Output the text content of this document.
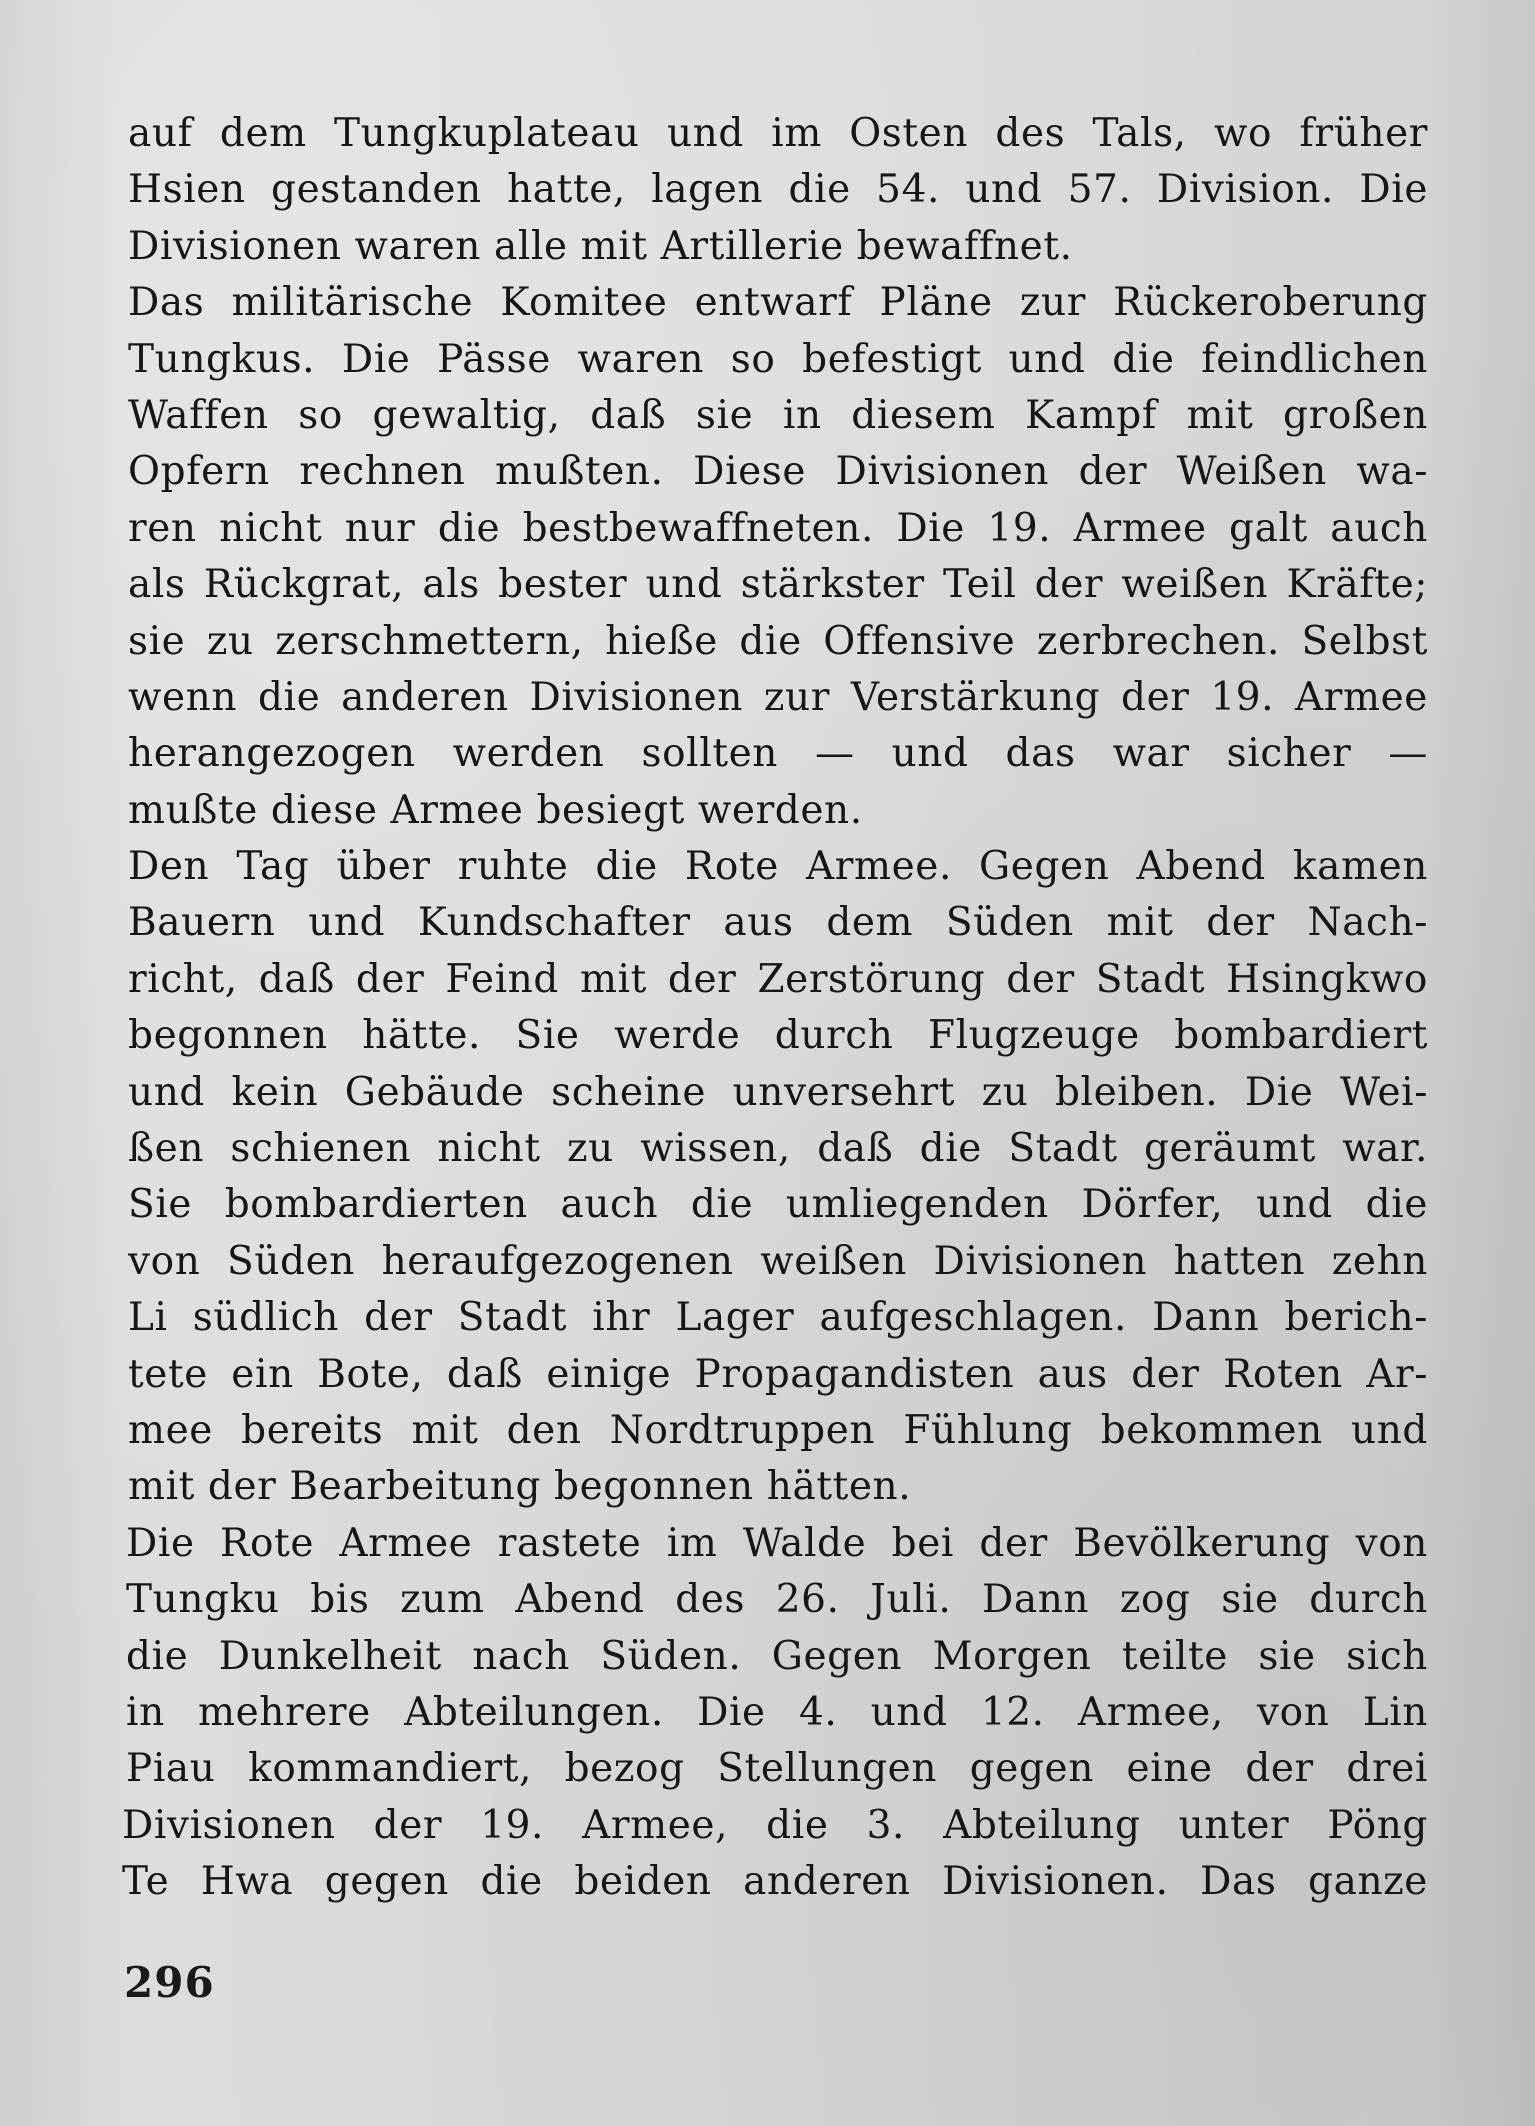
auf dem Tungkuplateau und im Osten des Tals, wo früher
Hsien gestanden hatte, lagen die 54. und 57. Division. Die
Divisionen waren alle mit Artillerie bewaffnet.
Das militärische Komitee entwarf Pläne zur Rückeroberung
Tungkus. Die Pässe waren so befestigt und die feindlichen
Waffen so gewaltig, daß sie in diesem Kampf mit großen
Opfern rechnen mußten. Diese Divisionen der Weißen wa-
ren nicht nur die bestbewaffneten. Die 19. Armee galt auch
als Rückgrat, als bester und stärkster Teil der weißen Kräfte;
sie zu zerschmettern, hieße die Offensive zerbrechen. Selbst
wenn die anderen Divisionen zur Verstärkung der 19. Armee
herangezogen werden sollten — und das war sicher —
mußte diese Armee besiegt werden.
Den Tag über ruhte die Rote Armee. Gegen Abend kamen
Bauern und Kundschafter aus dem Süden mit der Nach-
richt, daß der Feind mit der Zerstörung der Stadt Hsingkwo
begonnen hätte. Sie werde durch Flugzeuge bombardiert
und kein Gebäude scheine unversehrt zu bleiben. Die Wei-
ßen schienen nicht zu wissen, daß die Stadt geräumt war.
Sie bombardierten auch die umliegenden Dörfer, und die
von Süden heraufgezogenen weißen Divisionen hatten zehn
Li südlich der Stadt ihr Lager aufgeschlagen. Dann berich-
tete ein Bote, daß einige Propagandisten aus der Roten Ar-
mee bereits mit den Nordtruppen Fühlung bekommen und
mit der Bearbeitung begonnen hätten.
Die Rote Armee rastete im Walde bei der Bevölkerung von
Tungku bis zum Abend des 26. Juli. Dann zog sie durch
die Dunkelheit nach Süden. Gegen Morgen teilte sie sich
in mehrere Abteilungen. Die 4. und 12. Armee, von Lin
Piau kommandiert, bezog Stellungen gegen eine der drei
Divisionen der 19. Armee, die 3. Abteilung unter Pöng
Te Hwa gegen die beiden anderen Divisionen. Das ganze
296
